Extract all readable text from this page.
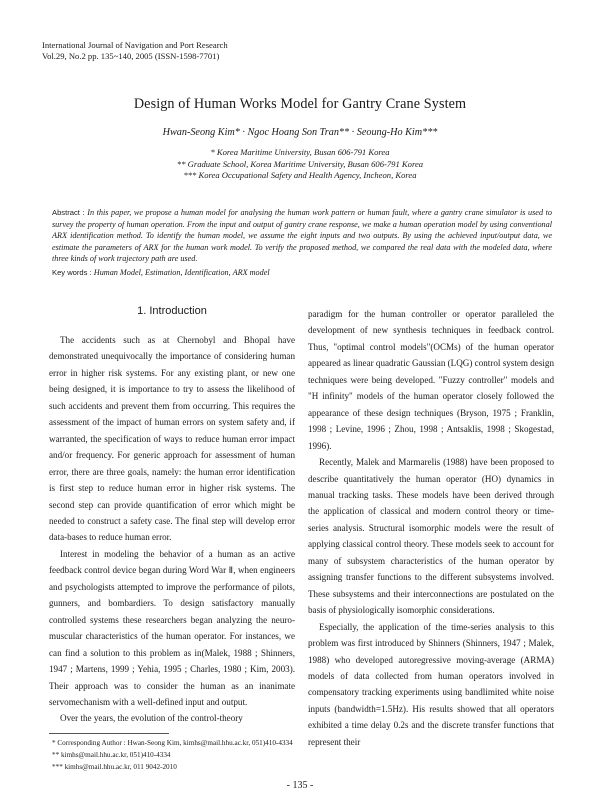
International Journal of Navigation and Port Research
Vol.29, No.2 pp. 135~140, 2005 (ISSN-1598-7701)
Design of Human Works Model for Gantry Crane System
Hwan-Seong Kim* · Ngoc Hoang Son Tran** · Seoung-Ho Kim***
* Korea Maritime University, Busan 606-791 Korea
** Graduate School, Korea Maritime University, Busan 606-791 Korea
*** Korea Occupational Safety and Health Agency, Incheon, Korea
Abstract : In this paper, we propose a human model for analysing the human work pattern or human fault, where a gantry crane simulator is used to survey the property of human operation. From the input and output of gantry crane response, we make a human operation model by using conventional ARX identification method. To identify the human model, we assume the eight inputs and two outputs. By using the achieved input/output data, we estimate the parameters of ARX for the human work model. To verify the proposed method, we compared the real data with the modeled data, where three kinds of work trajectory path are used.
Key words : Human Model, Estimation, Identification, ARX model
1. Introduction

The accidents such as at Chernobyl and Bhopal have demonstrated unequivocally the importance of considering human error in higher risk systems. For any existing plant, or new one being designed, it is importance to try to assess the likelihood of such accidents and prevent them from occurring. This requires the assessment of the impact of human errors on system safety and, if warranted, the specification of ways to reduce human error impact and/or frequency. For generic approach for assessment of human error, there are three goals, namely: the human error identification is first step to reduce human error in higher risk systems. The second step can provide quantification of error which might be needed to construct a safety case. The final step will develop error data-bases to reduce human error.

Interest in modeling the behavior of a human as an active feedback control device began during Word War Ⅱ, when engineers and psychologists attempted to improve the performance of pilots, gunners, and bombardiers. To design satisfactory manually controlled systems these researchers began analyzing the neuro-muscular characteristics of the human operator. For instances, we can find a solution to this problem as in(Malek, 1988 ; Shinners, 1947 ; Martens, 1999 ; Yehia, 1995 ; Charles, 1980 ; Kim, 2003). Their approach was to consider the human as an inanimate servomechanism with a well-defined input and output.

Over the years, the evolution of the control-theory

paradigm for the human controller or operator paralleled the development of new synthesis techniques in feedback control. Thus, "optimal control models"(OCMs) of the human operator appeared as linear quadratic Gaussian (LQG) control system design techniques were being developed. "Fuzzy controller" models and "H infinity" models of the human operator closely followed the appearance of these design techniques (Bryson, 1975 ; Franklin, 1998 ; Levine, 1996 ; Zhou, 1998 ; Antsaklis, 1998 ; Skogestad, 1996).

Recently, Malek and Marmarelis (1988) have been proposed to describe quantitatively the human operator (HO) dynamics in manual tracking tasks. These models have been derived through the application of classical and modern control theory or time-series analysis. Structural isomorphic models were the result of applying classical control theory. These models seek to account for many of subsystem characteristics of the human operator by assigning transfer functions to the different subsystems involved. These subsystems and their interconnections are postulated on the basis of physiologically isomorphic considerations.

Especially, the application of the time-series analysis to this problem was first introduced by Shinners (Shinners, 1947 ; Malek, 1988) who developed autoregressive moving-average (ARMA) models of data collected from human operators involved in compensatory tracking experiments using bandlimited white noise inputs (bandwidth=1.5Hz). His results showed that all operators exhibited a time delay 0.2s and the discrete transfer functions that represent their

* Corresponding Author : Hwan-Seong Kim, kimhs@mail.hhu.ac.kr, 051)410-4334
** kimhs@mail.hhu.ac.kr, 051)410-4334
*** kimhs@mail.hhu.ac.kr, 011 9042-2010
- 135 -
